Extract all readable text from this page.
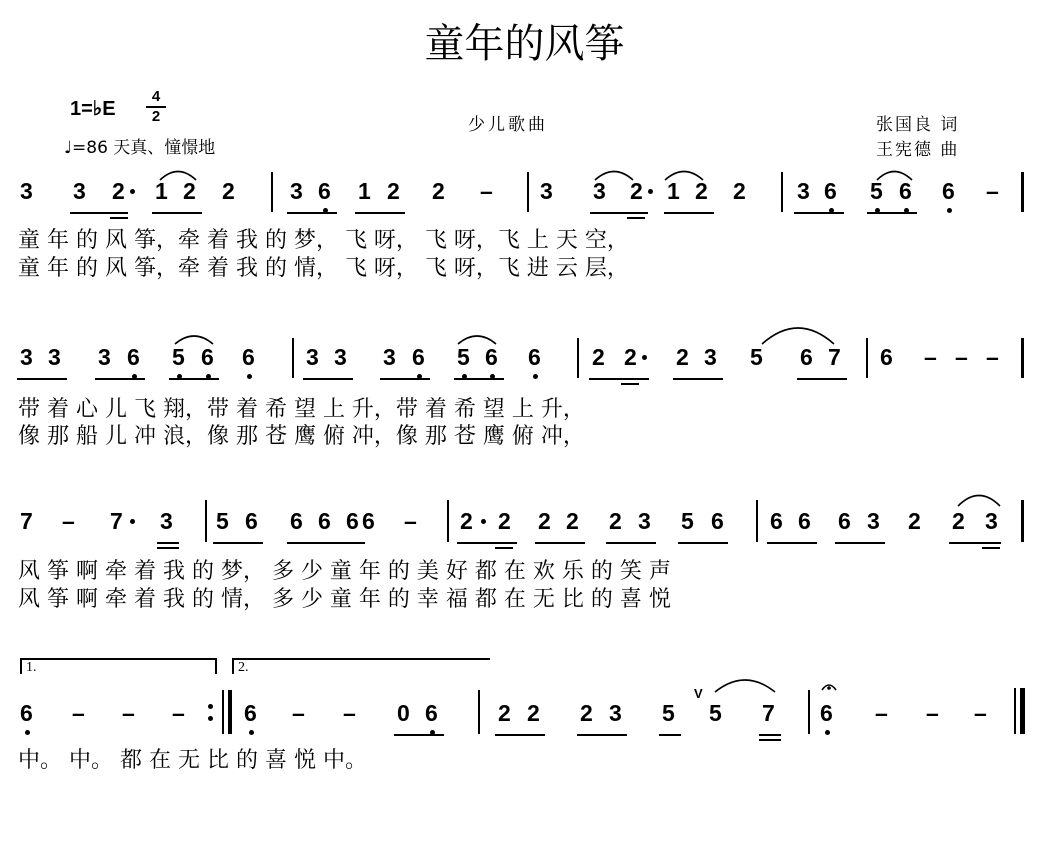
童年的风筝
1=♭E
4
2
♩=86 天真、憧憬地
少儿歌曲	张国良 词
王宪德 曲
3 3 2 1 2 2 3 6 1 2 2 – 3 3 2 1 2 2 3 6 5 6 6 –
3 3 3 6 5 6 6 3 3 3 6 5 6 6 2 2 2 3 5 6 7 6 – – –
7 – 7 3 5 6 6 6 6 6 – 2 2 2 2 2 3 5 6 6 6 6 3 2 2 3
6 – – –	6 – – 0 6	2 2 2 3 5 5 7 6 – – –
童 年 的 风 筝，牵 着 我 的 梦， 飞 呀， 飞 呀，飞 上 天 空，
童 年 的 风 筝，牵 着 我 的 情， 飞 呀， 飞 呀，飞 进 云 层，
带 着 心 儿 飞 翔，带 着 希 望 上 升，带 着 希 望 上 升，
像 那 船 儿 冲 浪，像 那 苍 鹰 俯 冲，像 那 苍 鹰 俯 冲，
风 筝 啊 牵 着 我 的 梦， 多 少 童 年 的 美 好 都 在 欢 乐 的 笑 声
风 筝 啊 牵 着 我 的 情， 多 少 童 年 的 幸 福 都 在 无 比 的 喜 悦
中。 中。 都 在 无 比 的 喜 悦 中。
1.	2.
V
